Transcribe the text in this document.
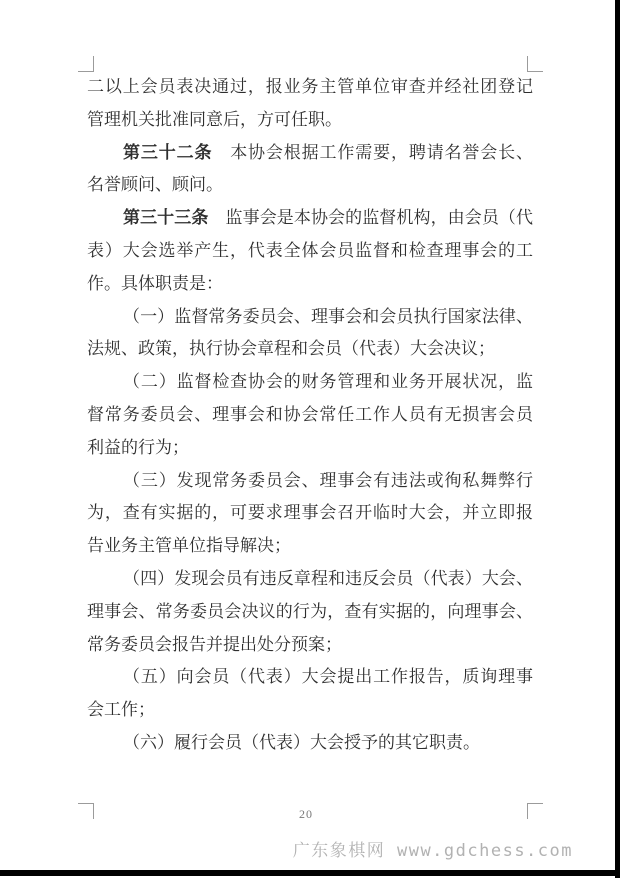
二以上会员表决通过，报业务主管单位审查并经社团登记
管理机关批准同意后，方可任职。
第三十二条　本协会根据工作需要，聘请名誉会长、
名誉顾问、顾问。
第三十三条　监事会是本协会的监督机构，由会员（代
表）大会选举产生，代表全体会员监督和检查理事会的工
作。具体职责是：
（一）监督常务委员会、理事会和会员执行国家法律、
法规、政策，执行协会章程和会员（代表）大会决议；
（二）监督检查协会的财务管理和业务开展状况，监
督常务委员会、理事会和协会常任工作人员有无损害会员
利益的行为；
（三）发现常务委员会、理事会有违法或徇私舞弊行
为，查有实据的，可要求理事会召开临时大会，并立即报
告业务主管单位指导解决；
（四）发现会员有违反章程和违反会员（代表）大会、
理事会、常务委员会决议的行为，查有实据的，向理事会、
常务委员会报告并提出处分预案；
（五）向会员（代表）大会提出工作报告，质询理事
会工作；
（六）履行会员（代表）大会授予的其它职责。
20
广东象棋网 www.gdchess.com
